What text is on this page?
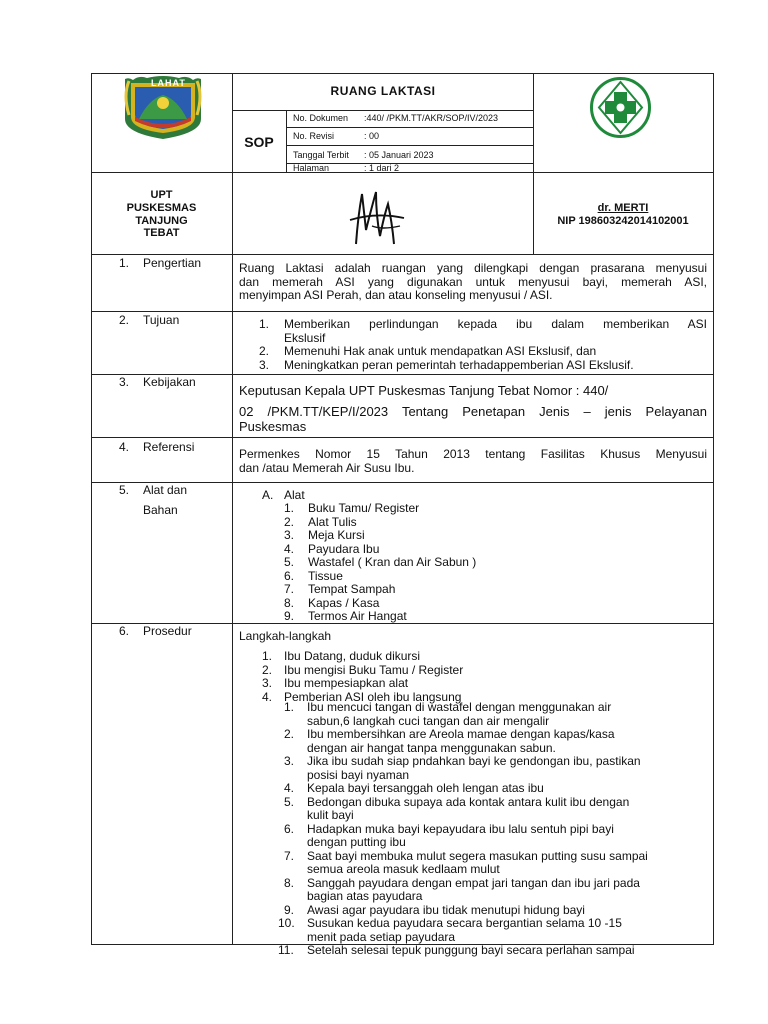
LAHAT
RUANG LAKTASI
SOP
No. Dokumen :440/ /PKM.TT/AKR/SOP/IV/2023
No. Revisi	: 00
Tanggal Terbit : 05 Januari 2023
Halaman	: 1 dari 2
UPT
PUSKESMAS
TANJUNG
TEBAT
dr. MERTI
NIP 198603242014102001
1. Pengertian	Ruang Laktasi adalah ruangan yang dilengkapi dengan prasarana menyusui
dan memerah ASI yang digunakan untuk menyusui bayi, memerah ASI,
menyimpan ASI Perah, dan atau konseling menyusui / ASI.
2. Tujuan	1. Memberikan perlindungan kepada ibu dalam memberikan ASI
Ekslusif
2. Memenuhi Hak anak untuk mendapatkan ASI Ekslusif, dan
3. Meningkatkan peran pemerintah terhadappemberian ASI Ekslusif.
3. Kebijakan
Keputusan Kepala UPT Puskesmas Tanjung Tebat Nomor : 440/
02 /PKM.TT/KEP/I/2023 Tentang Penetapan Jenis – jenis Pelayanan
Puskesmas
4. Referensi	Permenkes Nomor 15 Tahun 2013 tentang Fasilitas Khusus Menyusui
dan /atau Memerah Air Susu Ibu.
5. Alat dan
Bahan
A. Alat
1. Buku Tamu/ Register
2. Alat Tulis
3. Meja Kursi
4. Payudara Ibu
5. Wastafel ( Kran dan Air Sabun )
6. Tissue
7. Tempat Sampah
8. Kapas / Kasa
9. Termos Air Hangat
6. Prosedur	Langkah-langkah
1. Ibu Datang, duduk dikursi
2. Ibu mengisi Buku Tamu / Register
3. Ibu mempesiapkan alat
4. Pemberian ASI oleh ibu langsung
1. Ibu mencuci tangan di wastafel dengan menggunakan air
sabun,6 langkah cuci tangan dan air mengalir
2. Ibu membersihkan are Areola mamae dengan kapas/kasa
dengan air hangat tanpa menggunakan sabun.
3. Jika ibu sudah siap pndahkan bayi ke gendongan ibu, pastikan
posisi bayi nyaman
4. Kepala bayi tersanggah oleh lengan atas ibu
5. Bedongan dibuka supaya ada kontak antara kulit ibu dengan
kulit bayi
6. Hadapkan muka bayi kepayudara ibu lalu sentuh pipi bayi
dengan putting ibu
7. Saat bayi membuka mulut segera masukan putting susu sampai
semua areola masuk kedlaam mulut
8. Sanggah payudara dengan empat jari tangan dan ibu jari pada
bagian atas payudara
9. Awasi agar payudara ibu tidak menutupi hidung bayi
10. Susukan kedua payudara secara bergantian selama 10 -15
menit pada setiap payudara
11. Setelah selesai tepuk punggung bayi secara perlahan sampai
